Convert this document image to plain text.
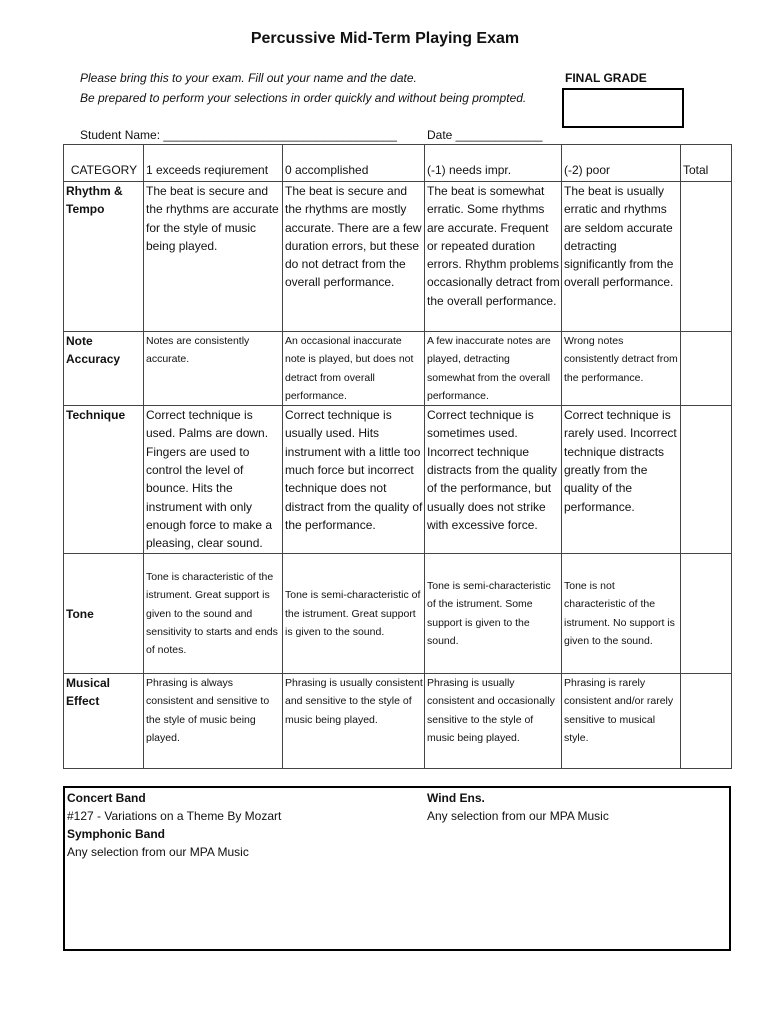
Percussive Mid-Term Playing Exam
Please bring this to your exam. Fill out your name and the date.
Be prepared to perform your selections in order quickly and without being prompted.
FINAL GRADE
Student Name: ___________________________________	Date _____________
CATEGORY	1 exceeds reqiurement	0 accomplished	(-1) needs impr.	(-2) poor	Total
Rhythm & Tempo	The beat is secure and the rhythms are accurate for the style of music being played.	The beat is secure and the rhythms are mostly accurate. There are a few duration errors, but these do not detract from the overall performance.	The beat is somewhat erratic. Some rhythms are accurate. Frequent or repeated duration errors. Rhythm problems occasionally detract from the overall performance.	The beat is usually erratic and rhythms are seldom accurate detracting significantly from the overall performance.	
Note Accuracy	Notes are consistently accurate.	An occasional inaccurate note is played, but does not detract from overall performance.	A few inaccurate notes are played, detracting somewhat from the overall performance.	Wrong notes consistently detract from the performance.	
Technique	Correct technique is used. Palms are down. Fingers are used to control the level of bounce. Hits the instrument with only enough force to make a pleasing, clear sound.	Correct technique is usually used. Hits instrument with a little too much force but incorrect technique does not distract from the quality of the performance.	Correct technique is sometimes used. Incorrect technique distracts from the quality of the performance, but usually does not strike with excessive force.	Correct technique is rarely used. Incorrect technique distracts greatly from the quality of the performance.	
Tone	Tone is characteristic of the istrument. Great support is given to the sound and sensitivity to starts and ends of notes.	Tone is semi-characteristic of the istrument. Great support is given to the sound.	Tone is semi-characteristic of the istrument. Some support is given to the sound.	Tone is not characteristic of the istrument. No support is given to the sound.	
Musical Effect	Phrasing is always consistent and sensitive to the style of music being played.	Phrasing is usually consistent and sensitive to the style of music being played.	Phrasing is usually consistent and occasionally sensitive to the style of music being played.	Phrasing is rarely consistent and/or rarely sensitive to musical style.	
Concert Band
#127 - Variations on a Theme By Mozart
Symphonic Band
Any selection from our MPA Music
Wind Ens.
Any selection from our MPA Music
